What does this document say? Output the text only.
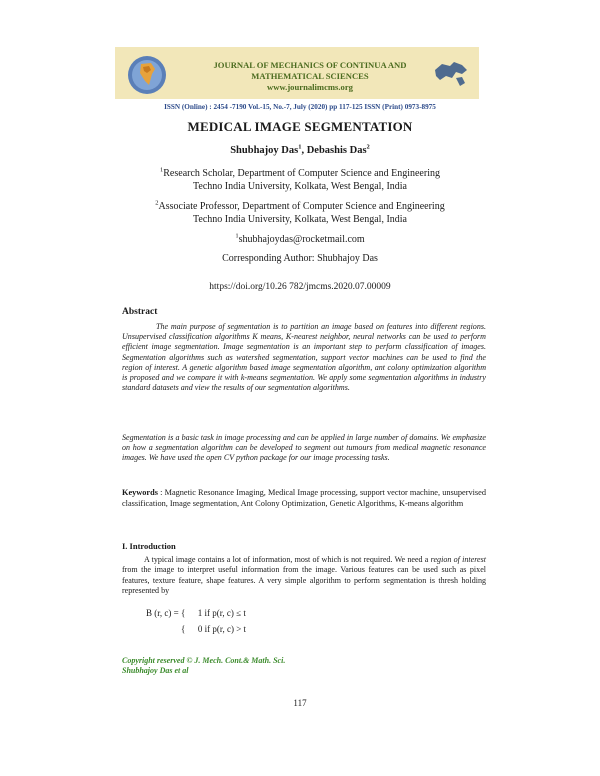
JOURNAL OF MECHANICS OF CONTINUA AND
MATHEMATICAL SCIENCES
www.journalimcms.org
ISSN (Online) : 2454 -7190 Vol.-15, No.-7, July (2020) pp 117-125 ISSN (Print) 0973-8975
MEDICAL IMAGE SEGMENTATION
Shubhajoy Das$^1$, Debashis Das$^2$
$^1$Research Scholar, Department of Computer Science and Engineering
Techno India University, Kolkata, West Bengal, India
$^2$Associate Professor, Department of Computer Science and Engineering
Techno India University, Kolkata, West Bengal, India
$^1$shubhajoydas@rocketmail.com
Corresponding Author: Shubhajoy Das
https://doi.org/10.26 782/jmcms.2020.07.00009
Abstract
The main purpose of segmentation is to partition an image based on features into different regions. Unsupervised classification algorithms K means, K-nearest neighbor, neural networks can be used to perform efficient image segmentation. Image segmentation is an important step to perform classification of images. Segmentation algorithms such as watershed segmentation, support vector machines can be used to find the region of interest. A genetic algorithm based image segmentation algorithm, ant colony optimization algorithm is proposed and we compare it with k-means segmentation. We apply some segmentation algorithms in industry standard datasets and view the results of our segmentation algorithms.
Segmentation is a basic task in image processing and can be applied in large number of domains. We emphasize on how a segmentation algorithm can be developed to segment out tumours from medical magnetic resonance images. We have used the open CV python package for our image processing tasks.
Keywords : Magnetic Resonance Imaging, Medical Image processing, support vector machine, unsupervised classification, Image segmentation, Ant Colony Optimization, Genetic Algorithms, K-means algorithm
I. Introduction
A typical image contains a lot of information, most of which is not required. We need a region of interest from the image to interpret useful information from the image. Various features can be used such as pixel features, texture feature, shape features. A very simple algorithm to perform segmentation is thresh holding represented by
B (r, c) = { 1 if p(r, c) ≤ t
{ 0 if p(r, c) > t
Copyright reserved © J. Mech. Cont.& Math. Sci.
Shubhajoy Das et al
117
